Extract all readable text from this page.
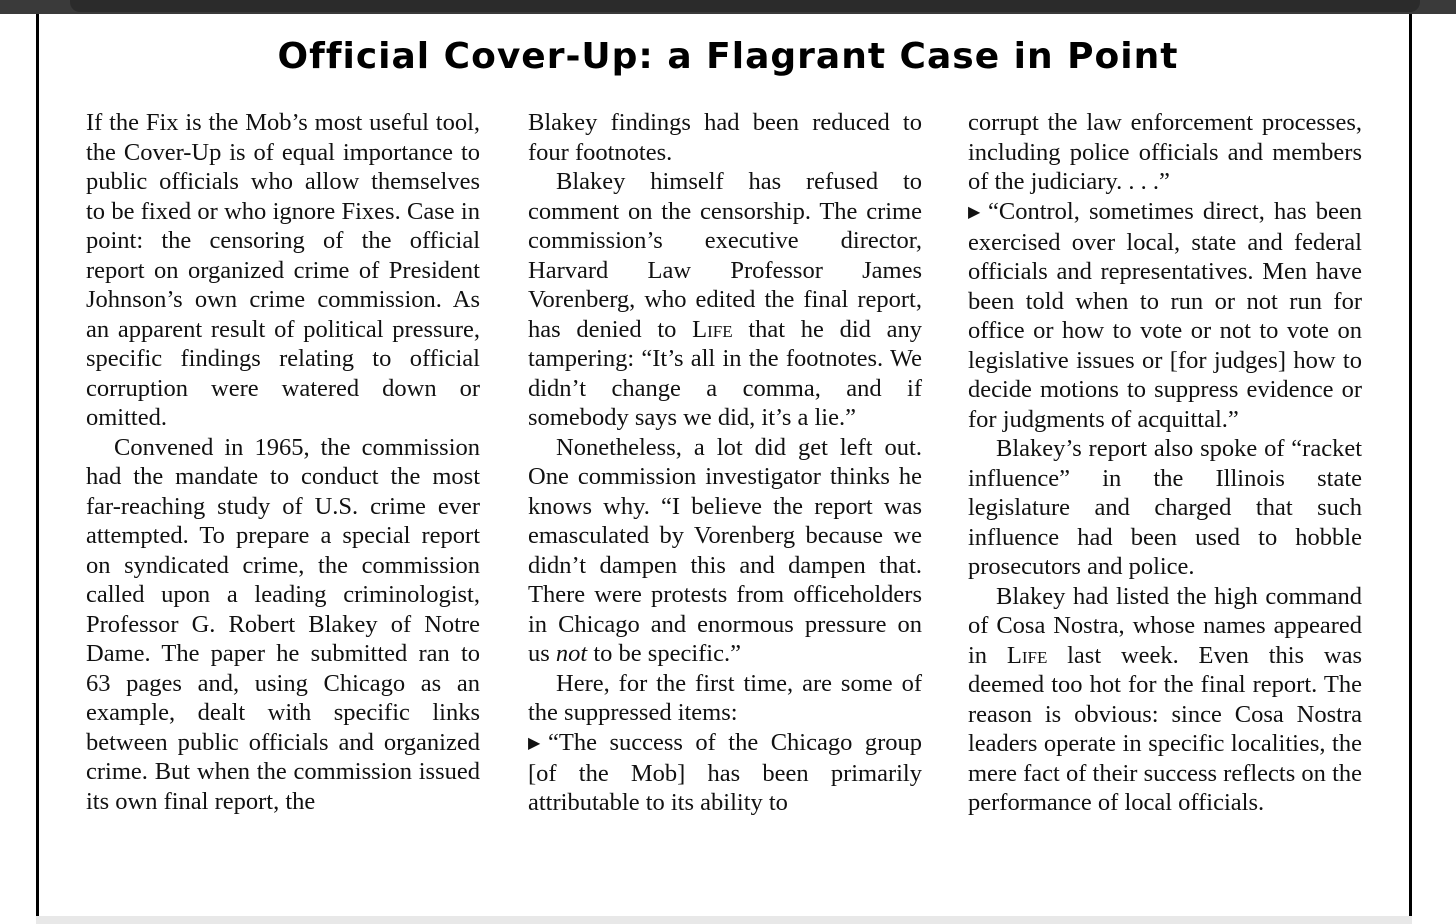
Official Cover-Up: a Flagrant Case in Point

If the Fix is the Mob’s most useful tool, the Cover-Up is of equal importance to public officials who allow themselves to be fixed or who ignore Fixes. Case in point: the censoring of the official report on organized crime of President Johnson’s own crime commission. As an apparent result of political pressure, specific findings relating to official corruption were watered down or omitted.

Convened in 1965, the commission had the mandate to conduct the most far-reaching study of U.S. crime ever attempted. To prepare a special report on syndicated crime, the commission called upon a leading criminologist, Professor G. Robert Blakey of Notre Dame. The paper he submitted ran to 63 pages and, using Chicago as an example, dealt with specific links between public officials and organized crime. But when the commission issued its own final report, the

Blakey findings had been reduced to four footnotes.

Blakey himself has refused to comment on the censorship. The crime commission’s executive director, Harvard Law Professor James Vorenberg, who edited the final report, has denied to Life that he did any tampering: “It’s all in the footnotes. We didn’t change a comma, and if somebody says we did, it’s a lie.”

Nonetheless, a lot did get left out. One commission investigator thinks he knows why. “I believe the report was emasculated by Vorenberg because we didn’t dampen this and dampen that. There were protests from officeholders in Chicago and enormous pressure on us not to be specific.”

Here, for the first time, are some of the suppressed items:

▶ “The success of the Chicago group [of the Mob] has been primarily attributable to its ability to

corrupt the law enforcement processes, including police officials and members of the judiciary. . . .”

▶ “Control, sometimes direct, has been exercised over local, state and federal officials and representatives. Men have been told when to run or not run for office or how to vote or not to vote on legislative issues or [for judges] how to decide motions to suppress evidence or for judgments of acquittal.”

Blakey’s report also spoke of “racket influence” in the Illinois state legislature and charged that such influence had been used to hobble prosecutors and police.

Blakey had listed the high command of Cosa Nostra, whose names appeared in Life last week. Even this was deemed too hot for the final report. The reason is obvious: since Cosa Nostra leaders operate in specific localities, the mere fact of their success reflects on the performance of local officials.
